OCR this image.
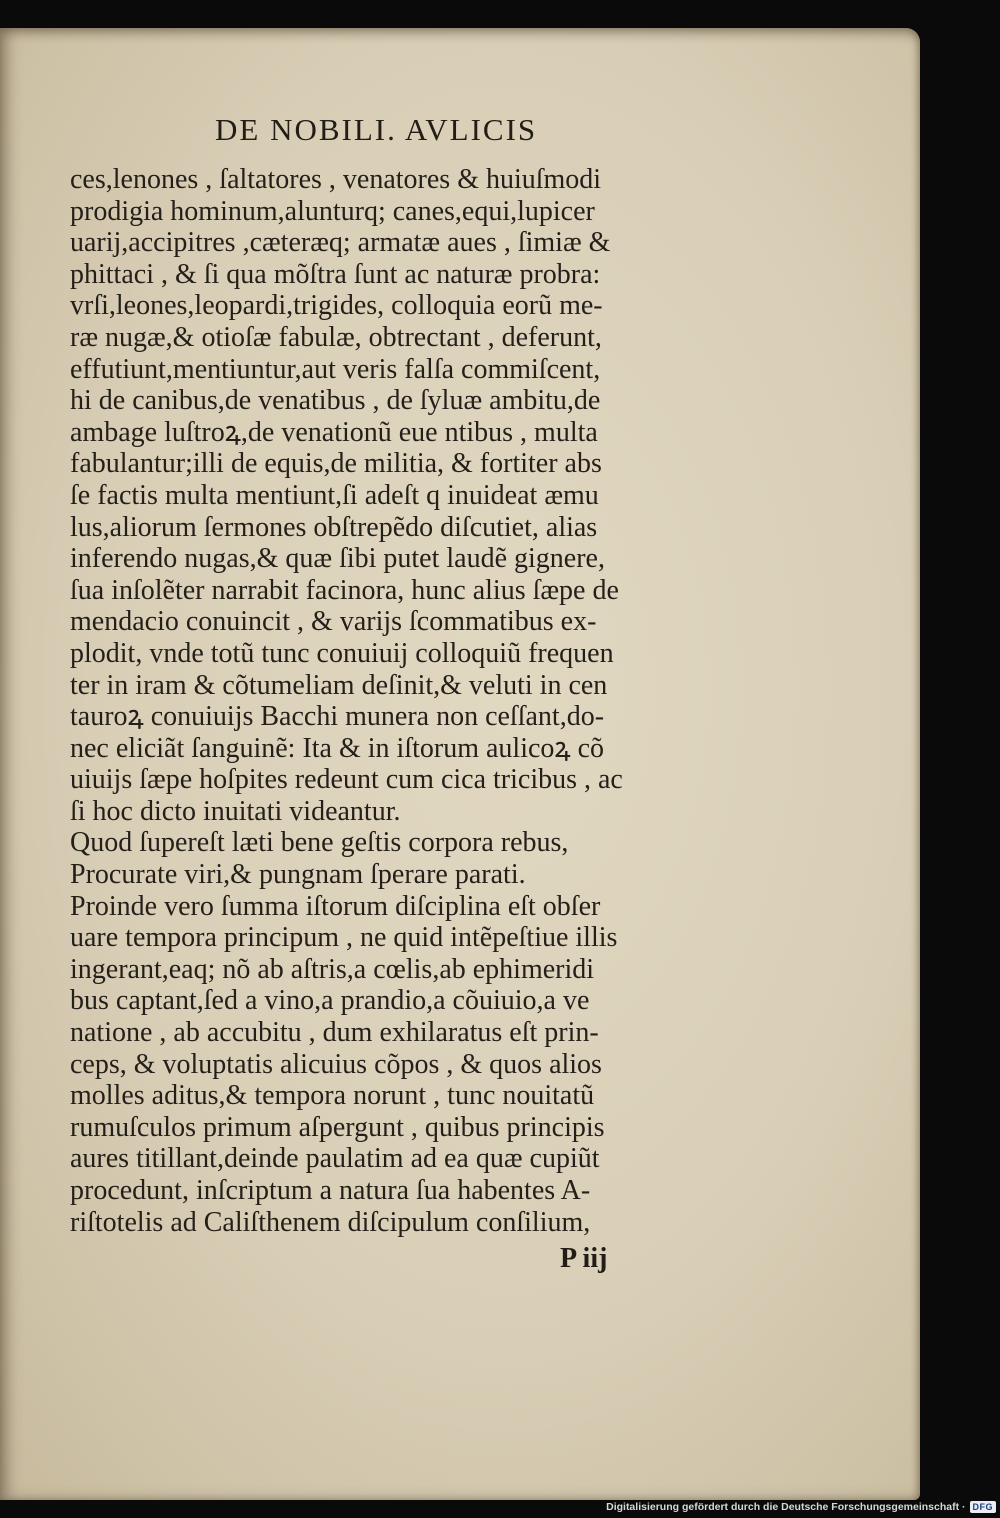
DE NOBILI. AVLICIS
ces,lenones , ſaltatores , venatores & huiuſmodi
prodigia hominum,alunturq; canes,equi,lupicer
uarij,accipitres ,cæteræq; armatæ aues , ſimiæ &
phittaci , & ſi qua mõſtra ſunt ac naturæ probra:
vrſi,leones,leopardi,trigides, colloquia eorũ me-
ræ nugæ,& otioſæ fabulæ, obtrectant , deferunt,
effutiunt,mentiuntur,aut veris falſa commiſcent,
hi de canibus,de venatibus , de ſyluæ ambitu,de
ambage luſtroꝝ,de venationũ eue ntibus , multa
fabulantur;illi de equis,de militia, & fortiter abs
ſe factis multa mentiunt,ſi adeſt q inuideat æmu
lus,aliorum ſermones obſtrepẽdo diſcutiet, alias
inferendo nugas,& quæ ſibi putet laudẽ gignere,
ſua inſolẽter narrabit facinora, hunc alius ſæpe de
mendacio conuincit , & varijs ſcommatibus ex-
plodit, vnde totũ tunc conuiuij colloquiũ frequen
ter in iram & cõtumeliam deſinit,& veluti in cen
tauroꝝ conuiuijs Bacchi munera non ceſſant,do-
nec eliciãt ſanguinẽ: Ita & in iſtorum aulicoꝝ cõ
uiuijs ſæpe hoſpites redeunt cum cica tricibus , ac
ſi hoc dicto inuitati videantur.
Quod ſupereſt læti bene geſtis corpora rebus,
Procurate viri,& pungnam ſperare parati.
Proinde vero ſumma iſtorum diſciplina eſt obſer
uare tempora principum , ne quid intẽpeſtiue illis
ingerant,eaq; nõ ab aſtris,a cœlis,ab ephimeridi
bus captant,ſed a vino,a prandio,a cõuiuio,a ve
natione , ab accubitu , dum exhilaratus eſt prin-
ceps, & voluptatis alicuius cõpos , & quos alios
molles aditus,& tempora norunt , tunc nouitatũ
rumuſculos primum aſpergunt , quibus principis
aures titillant,deinde paulatim ad ea quæ cupiũt
procedunt, inſcriptum a natura ſua habentes A-
riſtotelis ad Caliſthenem diſcipulum conſilium,
P iij
Digitalisierung gefördert durch die Deutsche Forschungsgemeinschaft · DFG
